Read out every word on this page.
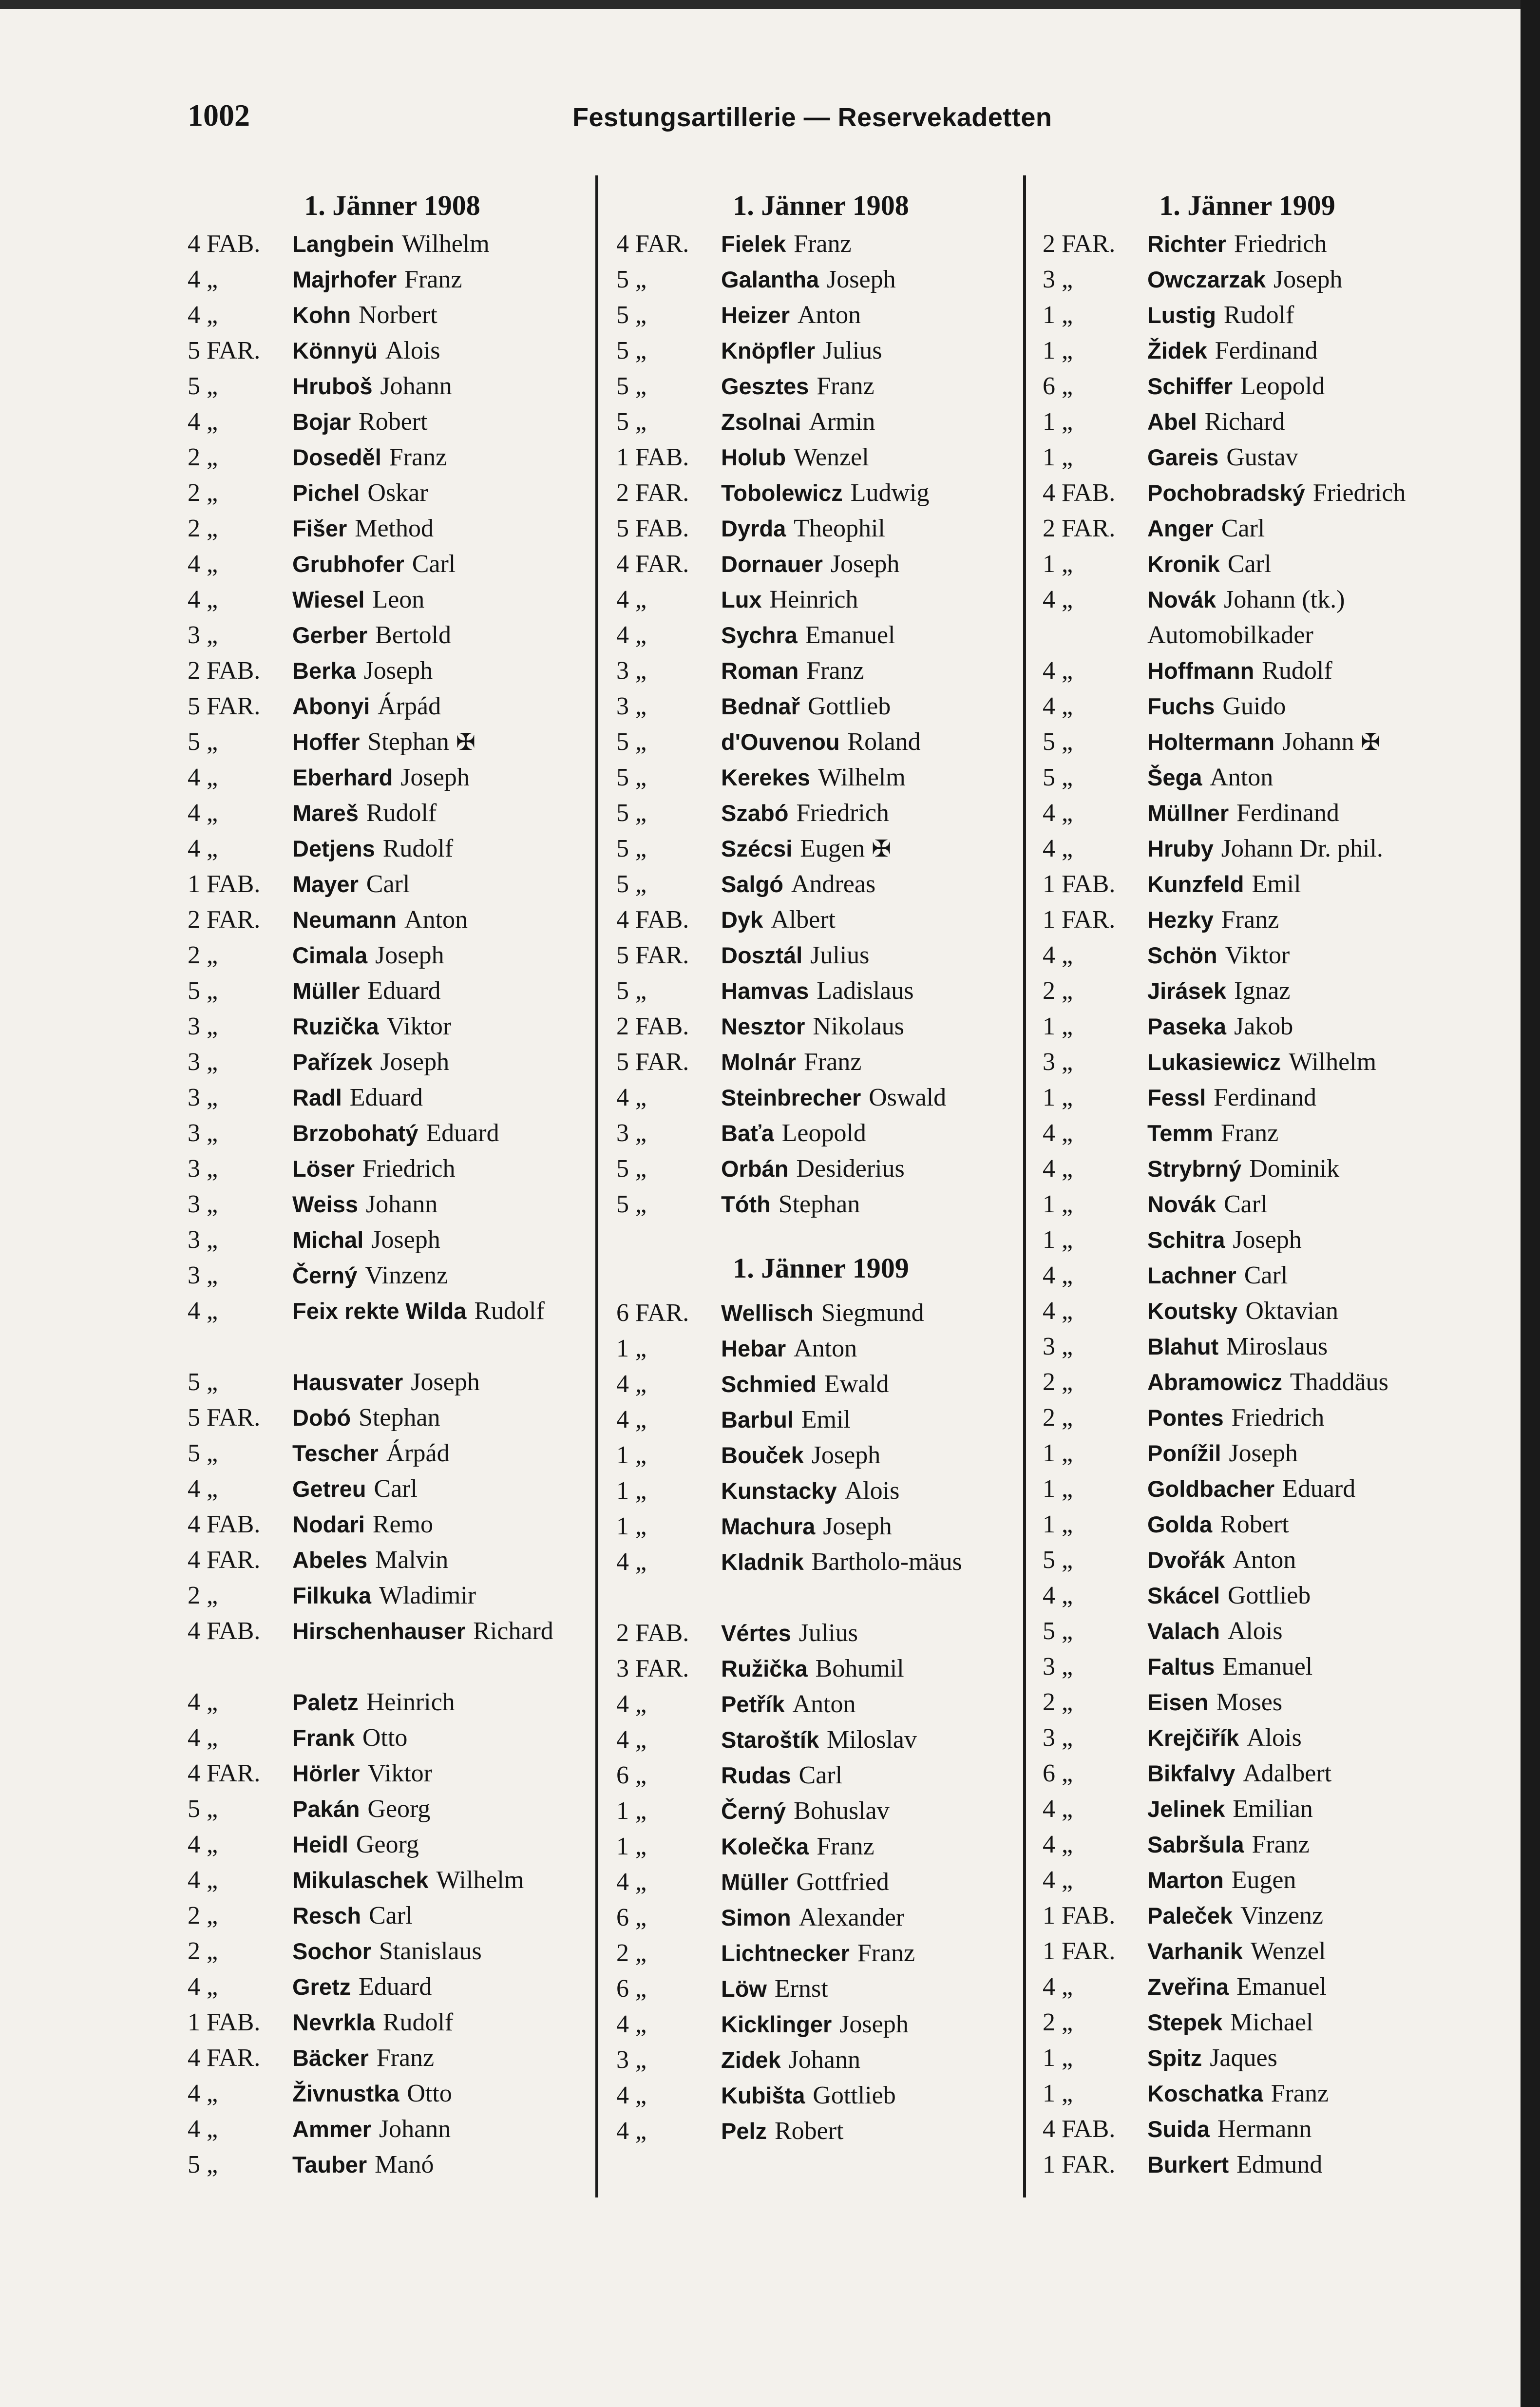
1002	Festungsartillerie — Reservekadetten
1. Jänner 1908
4 FAB.	Langbein Wilhelm
4 „	Majrhofer Franz
4 „	Kohn Norbert
5 FAR.	Könnyü Alois
5 „	Hruboš Johann
4 „	Bojar Robert
2 „	Doseděl Franz
2 „	Pichel Oskar
2 „	Fišer Method
4 „	Grubhofer Carl
4 „	Wiesel Leon
3 „	Gerber Bertold
2 FAB.	Berka Joseph
5 FAR.	Abonyi Árpád
5 „	Hoffer Stephan ✠
4 „	Eberhard Joseph
4 „	Mareš Rudolf
4 „	Detjens Rudolf
1 FAB.	Mayer Carl
2 FAR.	Neumann Anton
2 „	Cimala Joseph
5 „	Müller Eduard
3 „	Ruzička Viktor
3 „	Pařízek Joseph
3 „	Radl Eduard
3 „	Brzobohatý Eduard
3 „	Löser Friedrich
3 „	Weiss Johann
3 „	Michal Joseph
3 „	Černý Vinzenz
4 „	Feix rekte Wilda Rudolf
5 „	Hausvater Joseph
5 FAR.	Dobó Stephan
5 „	Tescher Árpád
4 „	Getreu Carl
4 FAB.	Nodari Remo
4 FAR.	Abeles Malvin
2 „	Filkuka Wladimir
4 FAB.	Hirschenhauser Richard
4 „	Paletz Heinrich
4 „	Frank Otto
4 FAR.	Hörler Viktor
5 „	Pakán Georg
4 „	Heidl Georg
4 „	Mikulaschek Wilhelm
2 „	Resch Carl
2 „	Sochor Stanislaus
4 „	Gretz Eduard
1 FAB.	Nevrkla Rudolf
4 FAR.	Bäcker Franz
4 „	Živnustka Otto
4 „	Ammer Johann
5 „	Tauber Manó
1. Jänner 1908
4 FAR.	Fielek Franz
5 „	Galantha Joseph
5 „	Heizer Anton
5 „	Knöpfler Julius
5 „	Gesztes Franz
5 „	Zsolnai Armin
1 FAB.	Holub Wenzel
2 FAR.	Tobolewicz Ludwig
5 FAB.	Dyrda Theophil
4 FAR.	Dornauer Joseph
4 „	Lux Heinrich
4 „	Sychra Emanuel
3 „	Roman Franz
3 „	Bednař Gottlieb
5 „	d'Ouvenou Roland
5 „	Kerekes Wilhelm
5 „	Szabó Friedrich
5 „	Szécsi Eugen ✠
5 „	Salgó Andreas
4 FAB.	Dyk Albert
5 FAR.	Dosztál Julius
5 „	Hamvas Ladislaus
2 FAB.	Nesztor Nikolaus
5 FAR.	Molnár Franz
4 „	Steinbrecher Oswald
3 „	Baťa Leopold
5 „	Orbán Desiderius
5 „	Tóth Stephan
1. Jänner 1909
6 FAR.	Wellisch Siegmund
1 „	Hebar Anton
4 „	Schmied Ewald
4 „	Barbul Emil
1 „	Bouček Joseph
1 „	Kunstacky Alois
1 „	Machura Joseph
4 „	Kladnik Bartholo-mäus
2 FAB.	Vértes Julius
3 FAR.	Ružička Bohumil
4 „	Petřík Anton
4 „	Staroštík Miloslav
6 „	Rudas Carl
1 „	Černý Bohuslav
1 „	Kolečka Franz
4 „	Müller Gottfried
6 „	Simon Alexander
2 „	Lichtnecker Franz
6 „	Löw Ernst
4 „	Kicklinger Joseph
3 „	Zidek Johann
4 „	Kubišta Gottlieb
4 „	Pelz Robert
1. Jänner 1909
2 FAR.	Richter Friedrich
3 „	Owczarzak Joseph
1 „	Lustig Rudolf
1 „	Židek Ferdinand
6 „	Schiffer Leopold
1 „	Abel Richard
1 „	Gareis Gustav
4 FAB.	Pochobradský Friedrich
2 FAR.	Anger Carl
1 „	Kronik Carl
4 „	Novák Johann (tk.) Automobilkader
4 „	Hoffmann Rudolf
4 „	Fuchs Guido
5 „	Holtermann Johann ✠
5 „	Šega Anton
4 „	Müllner Ferdinand
4 „	Hruby Johann Dr. phil.
1 FAB.	Kunzfeld Emil
1 FAR.	Hezky Franz
4 „	Schön Viktor
2 „	Jirásek Ignaz
1 „	Paseka Jakob
3 „	Lukasiewicz Wilhelm
1 „	Fessl Ferdinand
4 „	Temm Franz
4 „	Strybrný Dominik
1 „	Novák Carl
1 „	Schitra Joseph
4 „	Lachner Carl
4 „	Koutsky Oktavian
3 „	Blahut Miroslaus
2 „	Abramowicz Thaddäus
2 „	Pontes Friedrich
1 „	Ponížil Joseph
1 „	Goldbacher Eduard
1 „	Golda Robert
5 „	Dvořák Anton
4 „	Skácel Gottlieb
5 „	Valach Alois
3 „	Faltus Emanuel
2 „	Eisen Moses
3 „	Krejčiřík Alois
6 „	Bikfalvy Adalbert
4 „	Jelinek Emilian
4 „	Sabršula Franz
4 „	Marton Eugen
1 FAB.	Paleček Vinzenz
1 FAR.	Varhanik Wenzel
4 „	Zveřina Emanuel
2 „	Stepek Michael
1 „	Spitz Jaques
1 „	Koschatka Franz
4 FAB.	Suida Hermann
1 FAR.	Burkert Edmund
